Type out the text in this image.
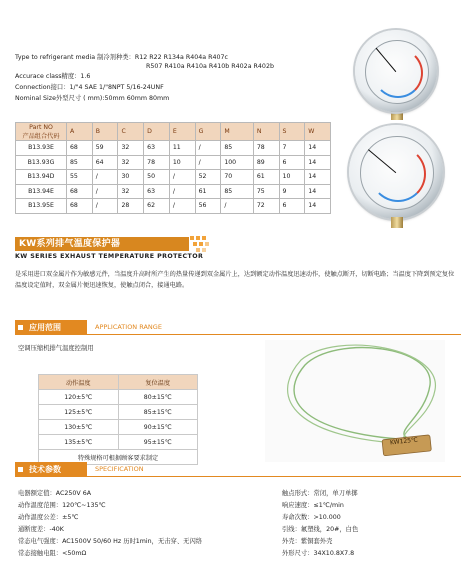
Type to refrigerant media 制冷剂种类：R12 R22 R134a R404a R407c
R507 R410a R410a R410b R402a R402b
Accurace class精度：1.6
Connection接口：1/"4 SAE 1/"8NPT 5/16-24UNF
Nominal Size外型尺寸 ( mm):50mm 60mm 80mm
Part NO
产品组合代码	A	B	C	D	E	G	M	N	S	W
B13.93E	68	59	32	63	11	/	85	78	7	14
B13.93G	85	64	32	78	10	/	100	89	6	14
B13.94D	55	/	30	50	/	52	70	61	10	14
B13.94E	68	/	32	63	/	61	85	75	9	14
B13.95E	68	/	28	62	/	56	/	72	6	14
KW系列排气温度保护器
KW SERIES EXHAUST TEMPERATURE PROTECTOR
是采用进口双金属片作为敏感元件，当温度升高时所产生的热量传递到双金属片上，达到额定动作温度迅速动作，使触点断开，切断电路；当温度下降到预定复位温度设定值时，双金属片便迅速恢复，使触点闭合，接通电路。
应用范围	APPLICATION RANGE
空调压缩机排气温度控制用
动作温度	复位温度
120±5℃	80±15℃
125±5℃	85±15℃
130±5℃	90±15℃
135±5℃	95±15℃
特殊规格可根据顾客要求制定	
KW125℃
技术参数	SPECIFICATION
电器额定值：AC250V 6A
动作温度范围：120℃~135℃
动作温度公差：±5℃
通断度差：-40K
常态电气强度：AC1500V 50/60 Hz 历时1min，无击穿、无闪络
常态接触电阻：<50mΩ
触点形式：常闭，单刀单掷
响应速度：≤1℃/min
寿命次数：>10.000
引线：氟塑线，20#，白色
外壳：紫铜套外壳
外形尺寸：34X10.8X7.8
